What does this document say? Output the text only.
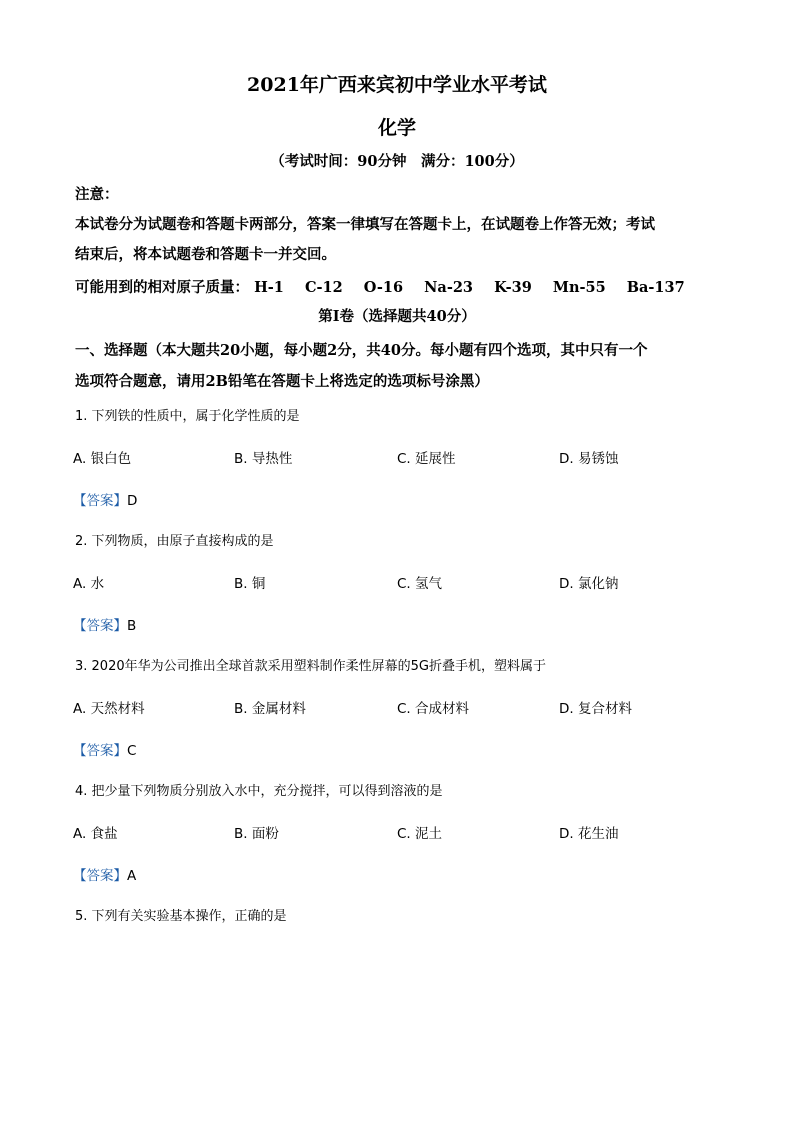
2021年广西来宾初中学业水平考试
化学
（考试时间：90分钟　满分：100分）
注意：
本试卷分为试题卷和答题卡两部分，答案一律填写在答题卡上，在试题卷上作答无效；考试
结束后，将本试题卷和答题卡一并交回。
可能用到的相对原子质量： H-1 C-12 O-16 Na-23 K-39 Mn-55 Ba-137
第Ⅰ卷（选择题共40分）
一、选择题（本大题共20小题，每小题2分，共40分。每小题有四个选项，其中只有一个
选项符合题意，请用2B铅笔在答题卡上将选定的选项标号涂黑）
1. 下列铁的性质中，属于化学性质的是
A. 银白色	B. 导热性	C. 延展性	D. 易锈蚀
【答案】D
2. 下列物质，由原子直接构成的是
A. 水	B. 铜	C. 氢气	D. 氯化钠
【答案】B
3. 2020年华为公司推出全球首款采用塑料制作柔性屏幕的5G折叠手机，塑料属于
A. 天然材料	B. 金属材料	C. 合成材料	D. 复合材料
【答案】C
4. 把少量下列物质分别放入水中，充分搅拌，可以得到溶液的是
A. 食盐	B. 面粉	C. 泥土	D. 花生油
【答案】A
5. 下列有关实验基本操作，正确的是
